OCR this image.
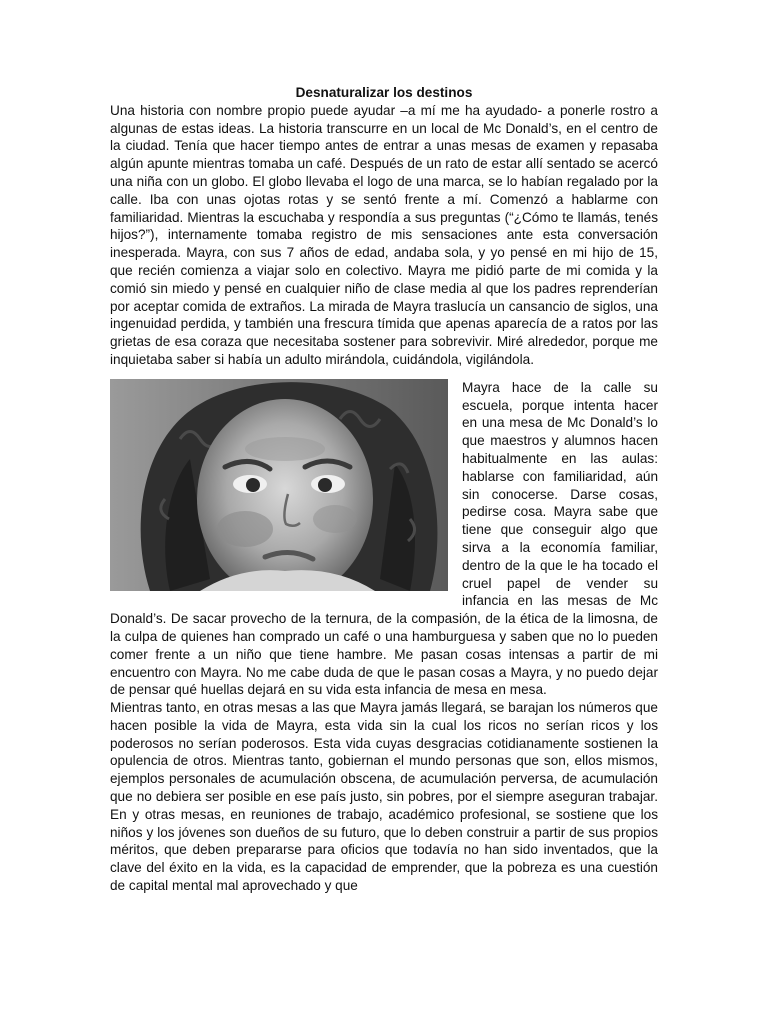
Desnaturalizar los destinos

Una historia con nombre propio puede ayudar –a mí me ha ayudado- a ponerle rostro a algunas de estas ideas. La historia transcurre en un local de Mc Donald’s, en el centro de la ciudad. Tenía que hacer tiempo antes de entrar a unas mesas de examen y repasaba algún apunte mientras tomaba un café. Después de un rato de estar allí sentado se acercó una niña con un globo. El globo llevaba el logo de una marca, se lo habían regalado por la calle. Iba con unas ojotas rotas y se sentó frente a mí. Comenzó a hablarme con familiaridad. Mientras la escuchaba y respondía a sus preguntas (“¿Cómo te llamás, tenés hijos?”), internamente tomaba registro de mis sensaciones ante esta conversación inesperada. Mayra, con sus 7 años de edad, andaba sola, y yo pensé en mi hijo de 15, que recién comienza a viajar solo en colectivo. Mayra me pidió parte de mi comida y la comió sin miedo y pensé en cualquier niño de clase media al que los padres reprenderían por aceptar comida de extraños. La mirada de Mayra traslucía un cansancio de siglos, una ingenuidad perdida, y también una frescura tímida que apenas aparecía de a ratos por las grietas de esa coraza que necesitaba sostener para sobrevivir. Miré alrededor, porque me inquietaba saber si había un adulto mirándola, cuidándola, vigilándola.

Mayra hace de la calle su escuela, porque intenta hacer en una mesa de Mc Donald’s lo que maestros y alumnos hacen habitualmente en las aulas: hablarse con familiaridad, aún sin conocerse. Darse cosas, pedirse cosa. Mayra sabe que tiene que conseguir algo que sirva a la economía familiar, dentro de la que le ha tocado el cruel papel de vender su infancia en las mesas de Mc Donald’s. De sacar provecho de la ternura, de la compasión, de la ética de la limosna, de la culpa de quienes han comprado un café o una hamburguesa y saben que no lo pueden comer frente a un niño que tiene hambre. Me pasan cosas intensas a partir de mi encuentro con Mayra. No me cabe duda de que le pasan cosas a Mayra, y no puedo dejar de pensar qué huellas dejará en su vida esta infancia de mesa en mesa.

Mientras tanto, en otras mesas a las que Mayra jamás llegará, se barajan los números que hacen posible la vida de Mayra, esta vida sin la cual los ricos no serían ricos y los poderosos no serían poderosos. Esta vida cuyas desgracias cotidianamente sostienen la opulencia de otros. Mientras tanto, gobiernan el mundo personas que son, ellos mismos, ejemplos personales de acumulación obscena, de acumulación perversa, de acumulación que no debiera ser posible en ese país justo, sin pobres, por el siempre aseguran trabajar. En y otras mesas, en reuniones de trabajo, académico profesional, se sostiene que los niños y los jóvenes son dueños de su futuro, que lo deben construir a partir de sus propios méritos, que deben prepararse para oficios que todavía no han sido inventados, que la clave del éxito en la vida, es la capacidad de emprender, que la pobreza es una cuestión de capital mental mal aprovechado y que
